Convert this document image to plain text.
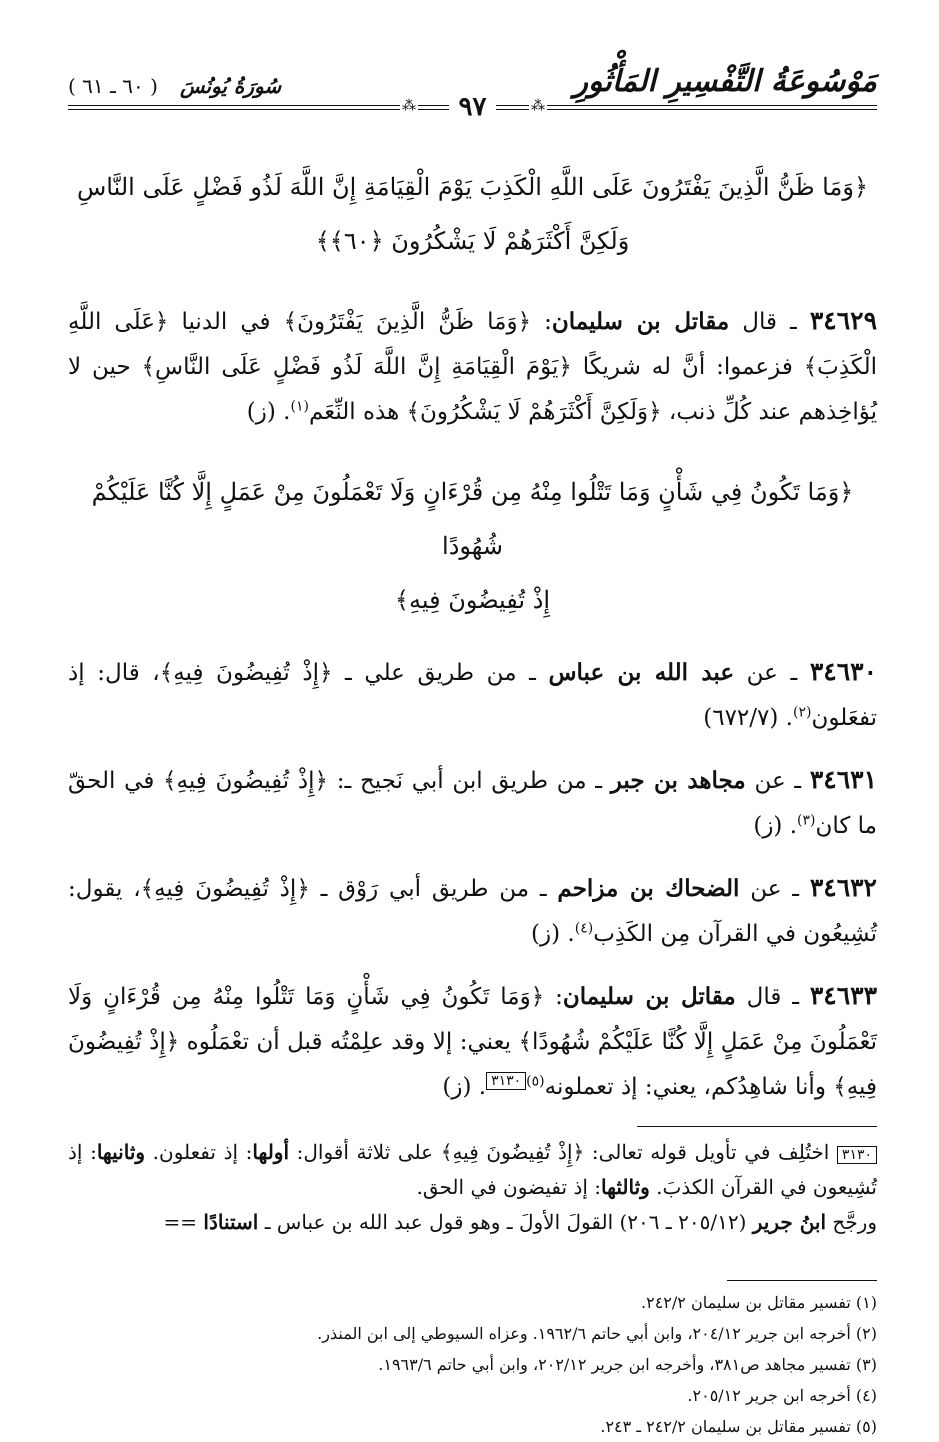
مَوْسُوعَةُ التَّفْسِيرِ المَأْثُورِ
سُورَةُ يُونُسَ
( ٦٠ ـ ٦١ )
⁂	٩٧	⁂

﴿وَمَا ظَنُّ الَّذِينَ يَفْتَرُونَ عَلَى اللَّهِ الْكَذِبَ يَوْمَ الْقِيَامَةِ إِنَّ اللَّهَ لَذُو فَضْلٍ عَلَى النَّاسِ

وَلَكِنَّ أَكْثَرَهُمْ لَا يَشْكُرُونَ ﴿٦٠﴾﴾

٣٤٦٢٩ ـ قال مقاتل بن سليمان: ﴿وَمَا ظَنُّ الَّذِينَ يَفْتَرُونَ﴾ في الدنيا ﴿عَلَى اللَّهِ الْكَذِبَ﴾ فزعموا: أنَّ له شريكًا ﴿يَوْمَ الْقِيَامَةِ إِنَّ اللَّهَ لَذُو فَضْلٍ عَلَى النَّاسِ﴾ حين لا يُؤاخِذهم عند كُلِّ ذنب، ﴿وَلَكِنَّ أَكْثَرَهُمْ لَا يَشْكُرُونَ﴾ هذه النِّعَم$^{(١)}$. (ز)

﴿وَمَا تَكُونُ فِي شَأْنٍ وَمَا تَتْلُوا مِنْهُ مِن قُرْءَانٍ وَلَا تَعْمَلُونَ مِنْ عَمَلٍ إِلَّا كُنَّا عَلَيْكُمْ شُهُودًا

إِذْ تُفِيضُونَ فِيهِ﴾

٣٤٦٣٠ ـ عن عبد الله بن عباس ـ من طريق علي ـ ﴿إِذْ تُفِيضُونَ فِيهِ﴾، قال: إذ تفعَلون$^{(٢)}$. (٦٧٢/٧)

٣٤٦٣١ ـ عن مجاهد بن جبر ـ من طريق ابن أبي نَجيح ـ: ﴿إِذْ تُفِيضُونَ فِيهِ﴾ في الحقّ ما كان$^{(٣)}$. (ز)

٣٤٦٣٢ ـ عن الضحاك بن مزاحم ـ من طريق أبي رَوْق ـ ﴿إِذْ تُفِيضُونَ فِيهِ﴾، يقول: تُشِيعُون في القرآن مِن الكَذِب$^{(٤)}$. (ز)

٣٤٦٣٣ ـ قال مقاتل بن سليمان: ﴿وَمَا تَكُونُ فِي شَأْنٍ وَمَا تَتْلُوا مِنْهُ مِن قُرْءَانٍ وَلَا تَعْمَلُونَ مِنْ عَمَلٍ إِلَّا كُنَّا عَلَيْكُمْ شُهُودًا﴾ يعني: إلا وقد علِمْتُه قبل أن تعْمَلُوه ﴿إِذْ تُفِيضُونَ فِيهِ﴾ وأنا شاهِدُكم، يعني: إذ تعملونه$^{(٥)}$٣١٣٠. (ز)

٣١٣٠ اختُلِف في تأويل قوله تعالى: ﴿إِذْ تُفِيضُونَ فِيهِ﴾ على ثلاثة أقوال: أولها: إذ تفعلون. وثانيها: إذ تُشِيعون في القرآن الكذبَ. وثالثها: إذ تفيضون في الحق.

ورجَّح ابنُ جرير (٢٠٥/١٢ ـ ٢٠٦) القولَ الأولَ ـ وهو قول عبد الله بن عباس ـ استنادًا ==

(١) تفسير مقاتل بن سليمان ٢٤٢/٢.

(٢) أخرجه ابن جرير ٢٠٤/١٢، وابن أبي حاتم ١٩٦٢/٦. وعزاه السيوطي إلى ابن المنذر.

(٣) تفسير مجاهد ص٣٨١، وأخرجه ابن جرير ٢٠٢/١٢، وابن أبي حاتم ١٩٦٣/٦.

(٤) أخرجه ابن جرير ٢٠٥/١٢.

(٥) تفسير مقاتل بن سليمان ٢٤٢/٢ ـ ٢٤٣.
